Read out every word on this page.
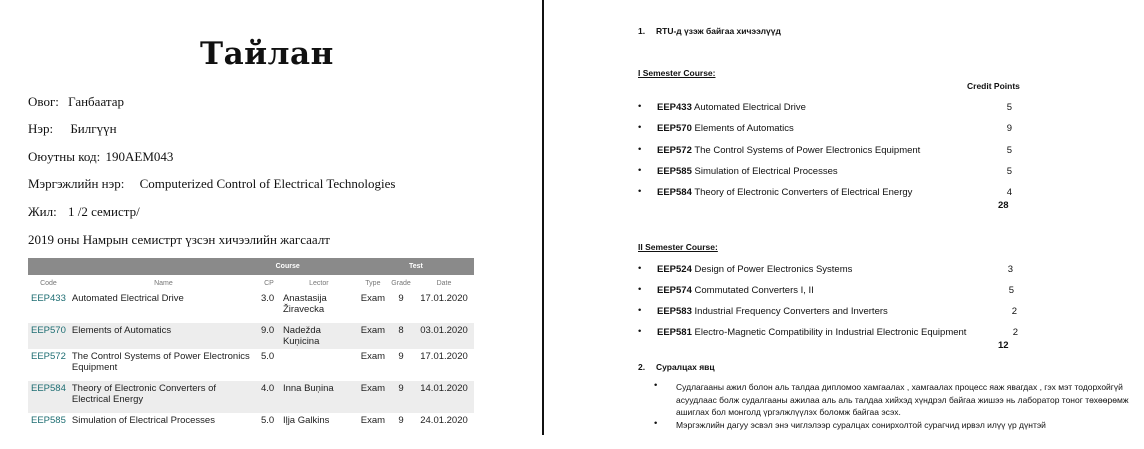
Тайлан
Овог: Ганбаатар
Нэр: Билгүүн
Оюутны код: 190AEM043
Мэргэжлийн нэр: Computerized Control of Electrical Technologies
Жил: 1 /2 семистр/
2019 оны Намрын семистрт үзсэн хичээлийн жагсаалт
Course				Test		
Code	Name	CP	Lector	Type	Grade	Date
EEP433	Automated Electrical Drive	3.0	Anastasija Žiravecka	Exam	9	17.01.2020
EEP570	Elements of Automatics	9.0	Nadežda Kuņicina	Exam	8	03.01.2020
EEP572	The Control Systems of Power Electronics Equipment	5.0		Exam	9	17.01.2020
EEP584	Theory of Electronic Converters of Electrical Energy	4.0	Inna Buņina	Exam	9	14.01.2020
EEP585	Simulation of Electrical Processes	5.0	Iļja Galkins	Exam	9	24.01.2020
1. RTU-д үзэж байгаа хичээлүүд
I Semester Course:
Credit Points
• EEP433 Automated Electrical Drive	5
• EEP570 Elements of Automatics	9
• EEP572 The Control Systems of Power Electronics Equipment	5
• EEP585 Simulation of Electrical Processes	5
• EEP584 Theory of Electronic Converters of Electrical Energy	4
28
II Semester Course:
• EEP524 Design of Power Electronics Systems	3
• EEP574 Commutated Converters I, II	5
• EEP583 Industrial Frequency Converters and Inverters	2
• EEP581 Electro-Magnetic Compatibility in Industrial Electronic Equipment	2
12
2. Суралцах явц
• Судлагааны ажил болон аль талдаа дипломоо хамгаалах , хамгаалах процесс яаж явагдах , гэх мэт тодорхойгүй асуудлаас болж судалгааны ажилаа аль аль талдаа хийхэд хүндрэл байгаа жишээ нь лаборатор тоног төхөөрөмж ашиглах бол монголд үргэлжлүүлэх боломж байгаа эсэх.
• Мэргэжлийн дагуу эсвэл энэ чиглэлээр суралцах сонирхолтой сурагчид ирвэл илүү үр дүнтэй
